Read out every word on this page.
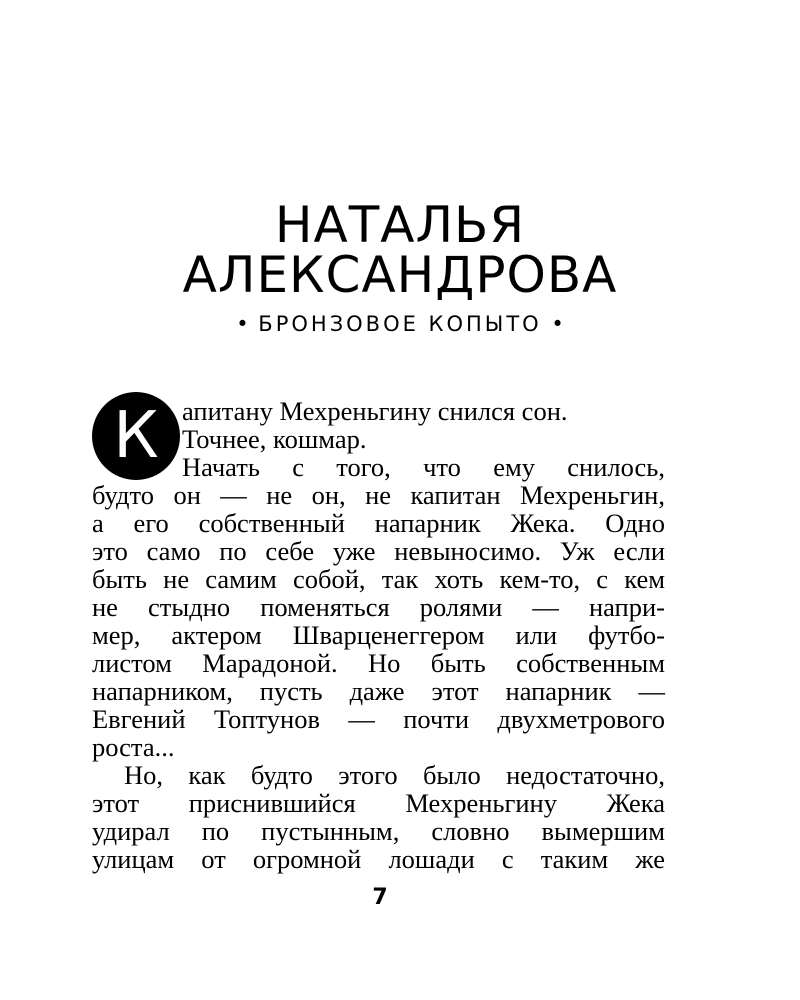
НАТАЛЬЯ
АЛЕКСАНДРОВА
• БРОНЗОВОЕ КОПЫТО •
К апитану Мехреньгину снился сон.
Точнее, кошмар.
Начать с того, что ему снилось,
будто он — не он, не капитан Мехреньгин,
а его собственный напарник Жека. Одно
это само по себе уже невыносимо. Уж если
быть не самим собой, так хоть кем-то, с кем
не стыдно поменяться ролями — напри-
мер, актером Шварценеггером или футбо-
листом Марадоной. Но быть собственным
напарником, пусть даже этот напарник —
Евгений Топтунов — почти двухметрового
роста...
Но, как будто этого было недостаточно,
этот приснившийся Мехреньгину Жека
удирал по пустынным, словно вымершим
улицам от огромной лошади с таким же
7
